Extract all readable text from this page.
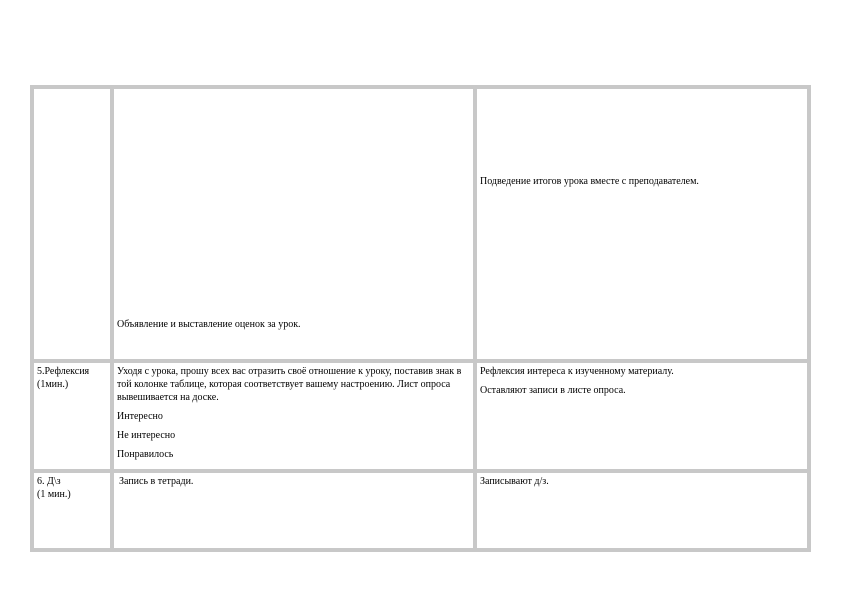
Объявление и выставление оценок за урок.

Подведение итогов урока вместе с преподавателем.

5.Рефлексия
(1мин.)

Уходя с урока, прошу всех вас отразить своё отношение к уроку, поставив знак в той колонке таблице, которая соответствует вашему настроению. Лист опроса вывешивается на доске.

Интересно

Не интересно

Понравилось

Рефлексия интереса к изученному материалу.

Оставляют записи в листе опроса.

6. Д\з
(1 мин.)

Запись в тетради.	Записывают д/з.
